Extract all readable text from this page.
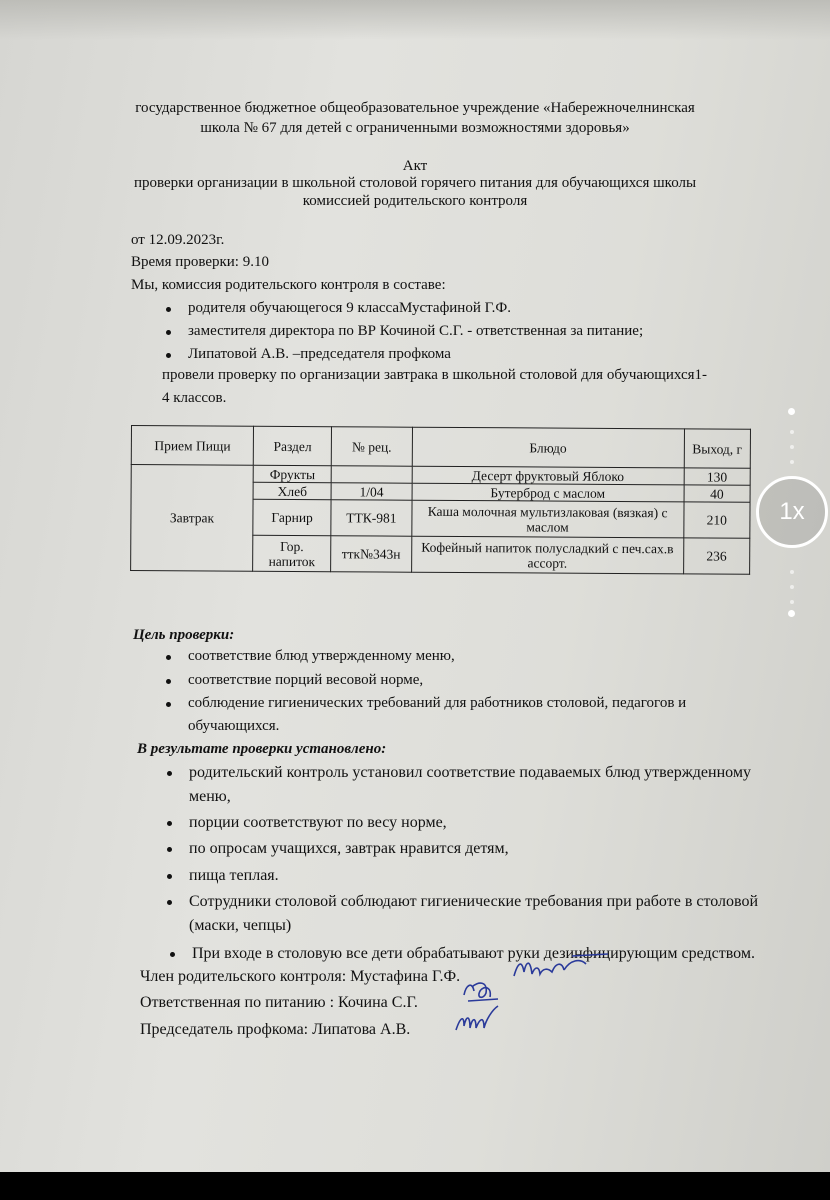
государственное бюджетное общеобразовательное учреждение «Набережночелнинская
школа № 67 для детей с ограниченными возможностями здоровья»
Акт
проверки организации в школьной столовой горячего питания для обучающихся школы
комиссией родительского контроля
от 12.09.2023г.
Время проверки: 9.10
Мы, комиссия родительского контроля в составе:
родителя обучающегося 9 классаМустафиной Г.Ф.
заместителя директора по ВР Кочиной С.Г. - ответственная за питание;
Липатовой А.В. –председателя профкома
провели проверку по организации завтрака в школьной столовой для обучающихся1-
4 классов.
Прием Пищи	Раздел	№ рец.	Блюдо	Выход, г
Завтрак	Фрукты		Десерт фруктовый Яблоко	130
	Хлеб	1/04	Бутерброд с маслом	40
	Гарнир	ТТК-981	Каша молочная мультизлаковая (вязкая) с маслом	210
	Гор. напиток	ттк№343н	Кофейный напиток полусладкий с печ.сах.в ассорт.	236
Цель проверки:
соответствие блюд утвержденному меню,
соответствие порций весовой норме,
соблюдение гигиенических требований для работников столовой, педагогов и
обучающихся.
В результате проверки установлено:
родительский контроль установил соответствие подаваемых блюд утвержденному
меню,
порции соответствуют по весу норме,
по опросам учащихся, завтрак нравится детям,
пища теплая.
Сотрудники столовой соблюдают гигиенические требования при работе в столовой
(маски, чепцы)
При входе в столовую все дети обрабатывают руки дезинфицирующим средством.
Член родительского контроля: Мустафина Г.Ф.
Ответственная по питанию : Кочина С.Г.
Председатель профкома: Липатова А.В.
1x
